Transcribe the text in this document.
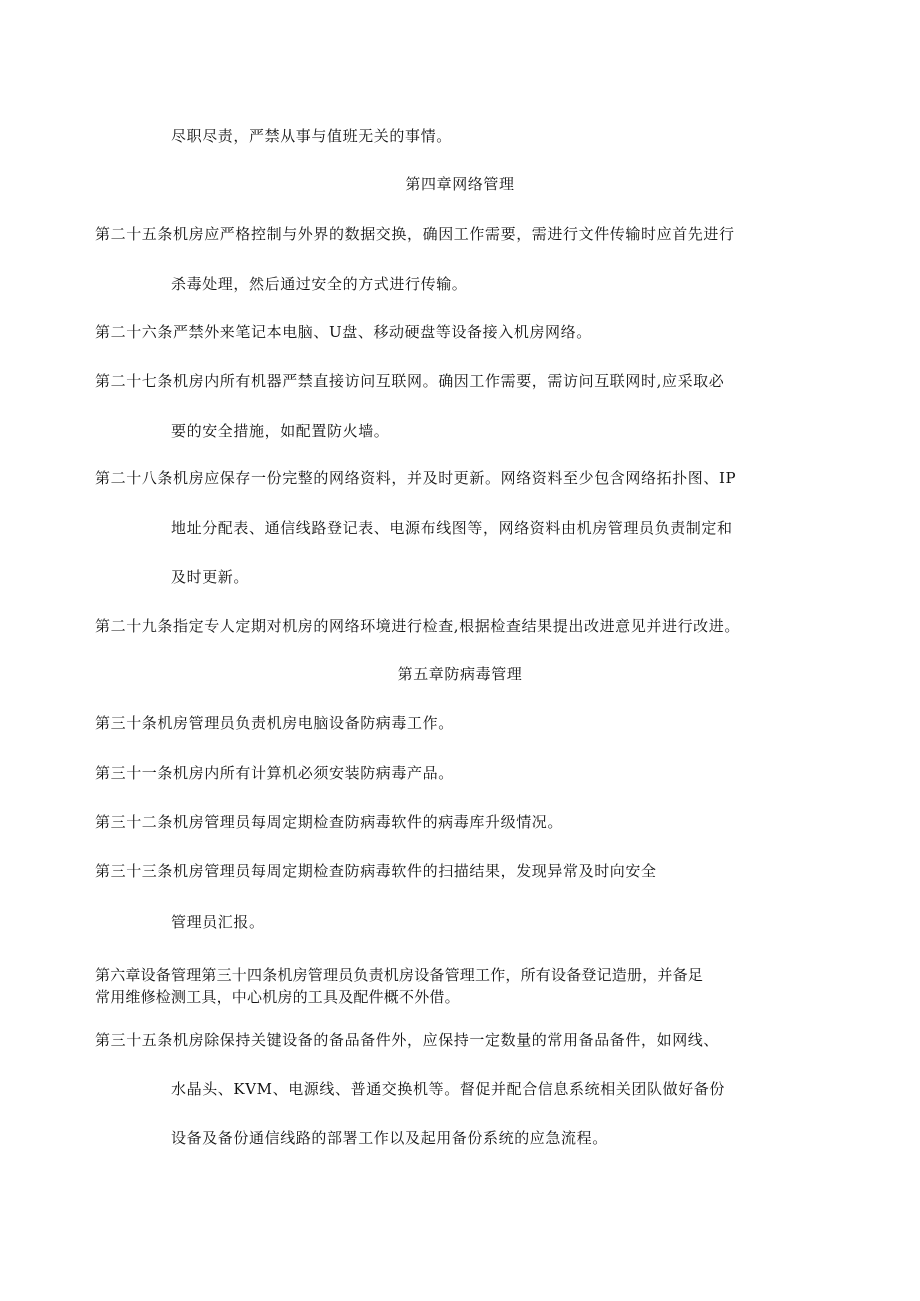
尽职尽责，严禁从事与值班无关的事情。
第四章网络管理
第二十五条机房应严格控制与外界的数据交换，确因工作需要，需进行文件传输时应首先进行
杀毒处理，然后通过安全的方式进行传输。
第二十六条严禁外来笔记本电脑、U盘、移动硬盘等设备接入机房网络。
第二十七条机房内所有机器严禁直接访问互联网。确因工作需要，需访问互联网时,应采取必
要的安全措施，如配置防火墙。
第二十八条机房应保存一份完整的网络资料，并及时更新。网络资料至少包含网络拓扑图、IP
地址分配表、通信线路登记表、电源布线图等，网络资料由机房管理员负责制定和
及时更新。
第二十九条指定专人定期对机房的网络环境进行检查,根据检查结果提出改进意见并进行改进。
第五章防病毒管理
第三十条机房管理员负责机房电脑设备防病毒工作。
第三十一条机房内所有计算机必须安装防病毒产品。
第三十二条机房管理员每周定期检查防病毒软件的病毒库升级情况。
第三十三条机房管理员每周定期检查防病毒软件的扫描结果，发现异常及时向安全
管理员汇报。
第六章设备管理第三十四条机房管理员负责机房设备管理工作，所有设备登记造册，并备足
常用维修检测工具，中心机房的工具及配件概不外借。
第三十五条机房除保持关键设备的备品备件外，应保持一定数量的常用备品备件，如网线、
水晶头、KVM、电源线、普通交换机等。督促并配合信息系统相关团队做好备份
设备及备份通信线路的部署工作以及起用备份系统的应急流程。
